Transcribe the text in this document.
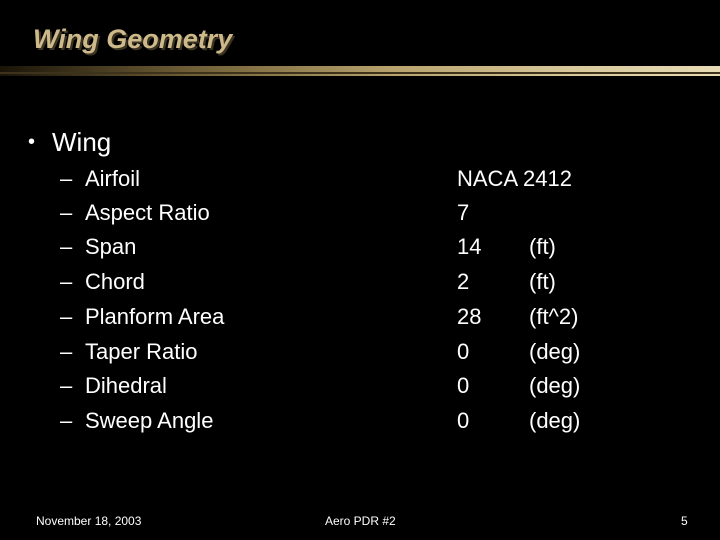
Wing Geometry
• Wing
– Airfoil	NACA 2412
– Aspect Ratio	7
– Span	14 (ft)
– Chord	2	(ft)
– Planform Area	28 (ft^2)
– Taper Ratio	0	(deg)
– Dihedral	0	(deg)
– Sweep Angle	0	(deg)
November 18, 2003	Aero PDR #2	5
